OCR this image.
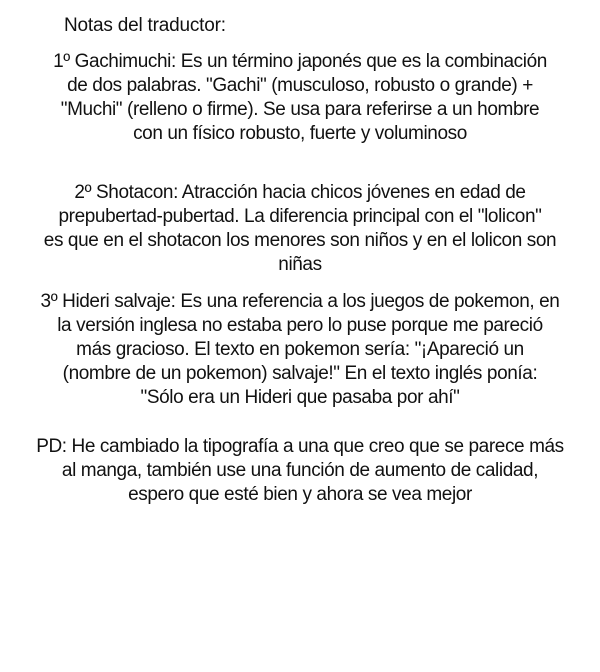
Notas del traductor:

1º Gachimuchi: Es un término japonés que es la combinación
de dos palabras. "Gachi" (musculoso, robusto o grande) +
"Muchi" (relleno o firme). Se usa para referirse a un hombre
con un físico robusto, fuerte y voluminoso

2º Shotacon: Atracción hacia chicos jóvenes en edad de
prepubertad-pubertad. La diferencia principal con el "lolicon"
es que en el shotacon los menores son niños y en el lolicon son
niñas

3º Hideri salvaje: Es una referencia a los juegos de pokemon, en
la versión inglesa no estaba pero lo puse porque me pareció
más gracioso. El texto en pokemon sería: "¡Apareció un
(nombre de un pokemon) salvaje!" En el texto inglés ponía:
"Sólo era un Hideri que pasaba por ahí"

PD: He cambiado la tipografía a una que creo que se parece más
al manga, también use una función de aumento de calidad,
espero que esté bien y ahora se vea mejor
